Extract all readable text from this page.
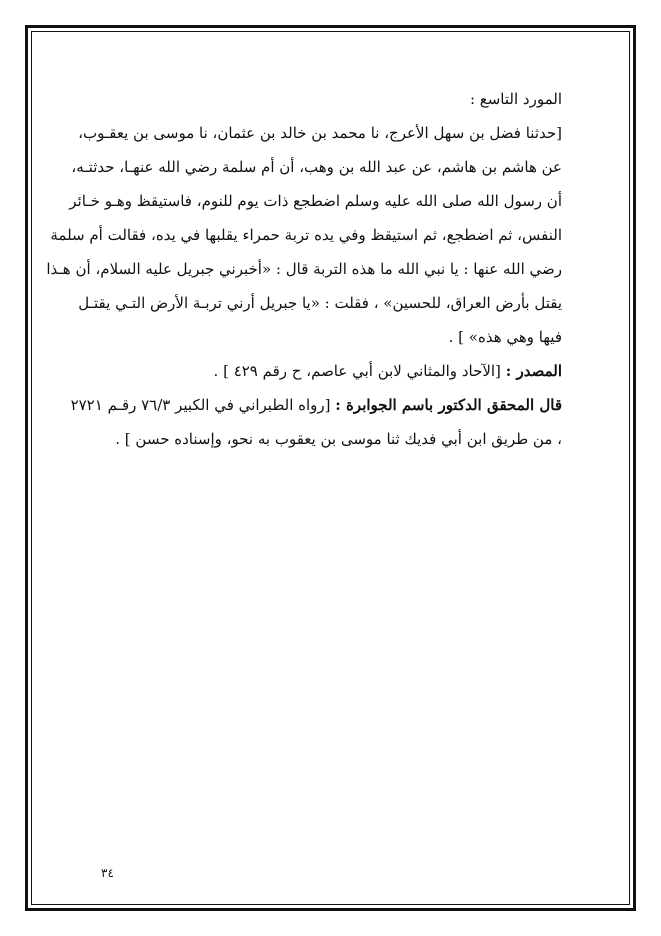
المورد التاسع :
[حدثنا فضل بن سهل الأعرج، نا محمد بن خالد بن عثمان، نا موسى بن يعقـوب،
عن هاشم بن هاشم، عن عبد الله بن وهب، أن أم سلمة رضي الله عنهـا، حدثتـه،
أن رسول الله صلى الله عليه وسلم اضطجع ذات يوم للنوم، فاستيقظ وهـو خـائر
النفس، ثم اضطجع، ثم استيقظ وفي يده تربة حمراء يقلبها في يده، فقالت أم سلمة
رضي الله عنها : يا نبي الله ما هذه التربة قال : «أخبرني جبريل عليه السلام، أن هـذا
يقتل بأرض العراق، للحسين» ، فقلت : «يا جبريل أرني تربـة الأرض التـي يقتـل
فيها وهي هذه» ] .
المصدر : [الآحاد والمثاني لابن أبي عاصم، ح رقم ٤٢٩ ] .
قال المحقق الدكتور باسم الجوابرة : [رواه الطبراني في الكبير ٧٦/٣ رقـم ٢٧٢١
، من طريق ابن أبي فديك ثنا موسى بن يعقوب به نحو، وإسناده حسن ] .
٣٤
